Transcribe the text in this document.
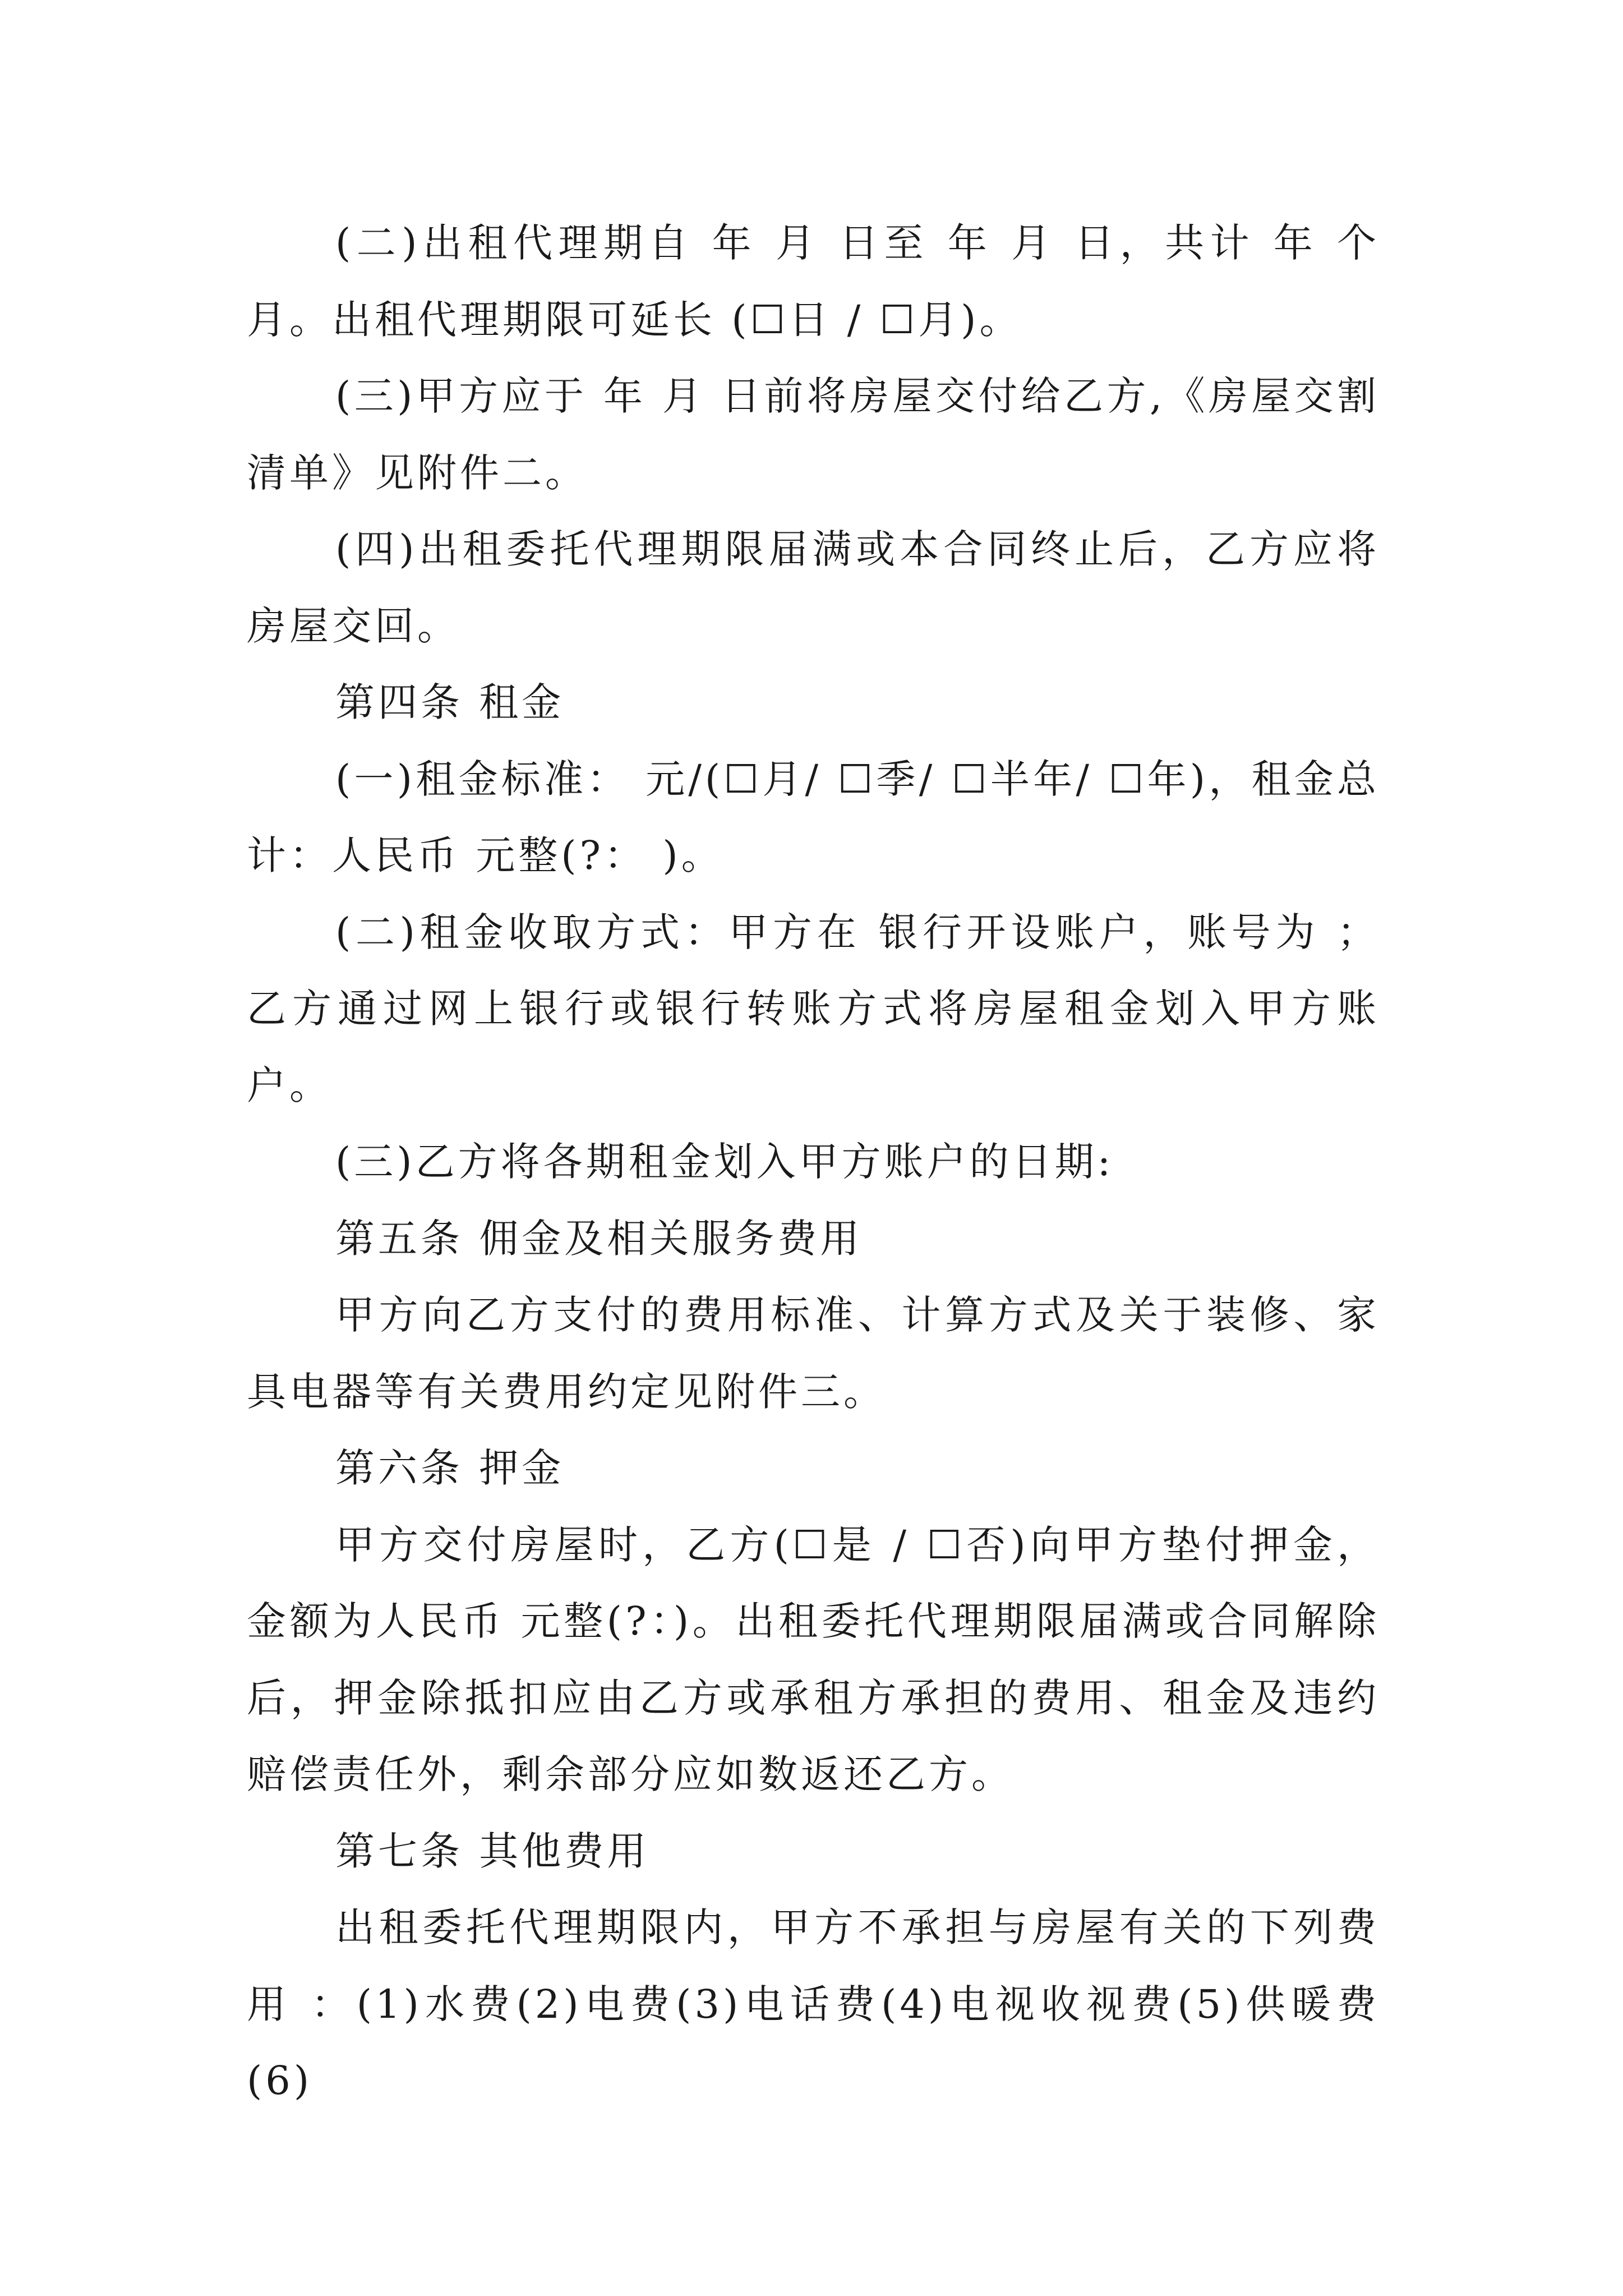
(二)出租代理期自 年 月 日至 年 月 日，共计 年 个月。出租代理期限可延长 (☐日 / ☐月)。

(三)甲方应于 年 月 日前将房屋交付给乙方,《房屋交割清单》见附件二。

(四)出租委托代理期限届满或本合同终止后，乙方应将房屋交回。

第四条 租金

(一)租金标准： 元/(☐月/ ☐季/ ☐半年/ ☐年)，租金总计：人民币 元整(?： )。

(二)租金收取方式：甲方在 银行开设账户，账号为 ；乙方通过网上银行或银行转账方式将房屋租金划入甲方账户。

(三)乙方将各期租金划入甲方账户的日期:

第五条 佣金及相关服务费用

甲方向乙方支付的费用标准、计算方式及关于装修、家具电器等有关费用约定见附件三。

第六条 押金

甲方交付房屋时，乙方(☐是 / ☐否)向甲方垫付押金，金额为人民币 元整(?：)。出租委托代理期限届满或合同解除后，押金除抵扣应由乙方或承租方承担的费用、租金及违约赔偿责任外，剩余部分应如数返还乙方。

第七条 其他费用

出租委托代理期限内，甲方不承担与房屋有关的下列费用 ：(1)水费(2)电费(3)电话费(4)电视收视费(5)供暖费(6)
